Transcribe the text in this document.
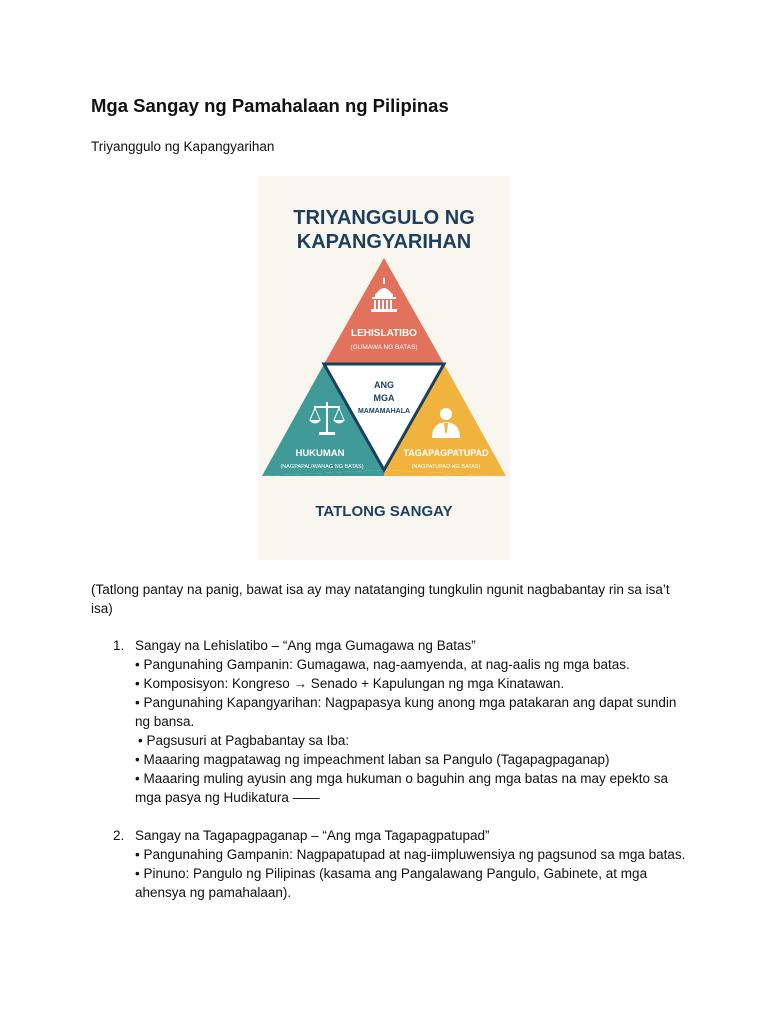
Mga Sangay ng Pamahalaan ng Pilipinas
Triyanggulo ng Kapangyarihan
TRIYANGGULO NG
KAPANGYARIHAN
LEHISLATIBO
(GUMAWA NG BATAS)
ANG
MGA
MAMAMAHALA
HUKUMAN
(NAGPAPALIWANAG NG BATAS)
TAGAPAGPATUPAD
(NAGPATUPAD NG BATAS)
TATLONG SANGAY
(Tatlong pantay na panig, bawat isa ay may natatanging tungkulin ngunit nagbabantay rin sa isa’t isa)
1. Sangay na Lehislatibo – “Ang mga Gumagawa ng Batas”
• Pangunahing Gampanin: Gumagawa, nag-aamyenda, at nag-aalis ng mga batas.
• Komposisyon: Kongreso → Senado + Kapulungan ng mga Kinatawan.
• Pangunahing Kapangyarihan: Nagpapasya kung anong mga patakaran ang dapat sundin ng bansa.
• Pagsusuri at Pagbabantay sa Iba:
• Maaaring magpatawag ng impeachment laban sa Pangulo (Tagapagpaganap)
• Maaaring muling ayusin ang mga hukuman o baguhin ang mga batas na may epekto sa mga pasya ng Hudikatura ——
2. Sangay na Tagapagpaganap – “Ang mga Tagapagpatupad”
• Pangunahing Gampanin: Nagpapatupad at nag-iimpluwensiya ng pagsunod sa mga batas.
• Pinuno: Pangulo ng Pilipinas (kasama ang Pangalawang Pangulo, Gabinete, at mga ahensya ng pamahalaan).
